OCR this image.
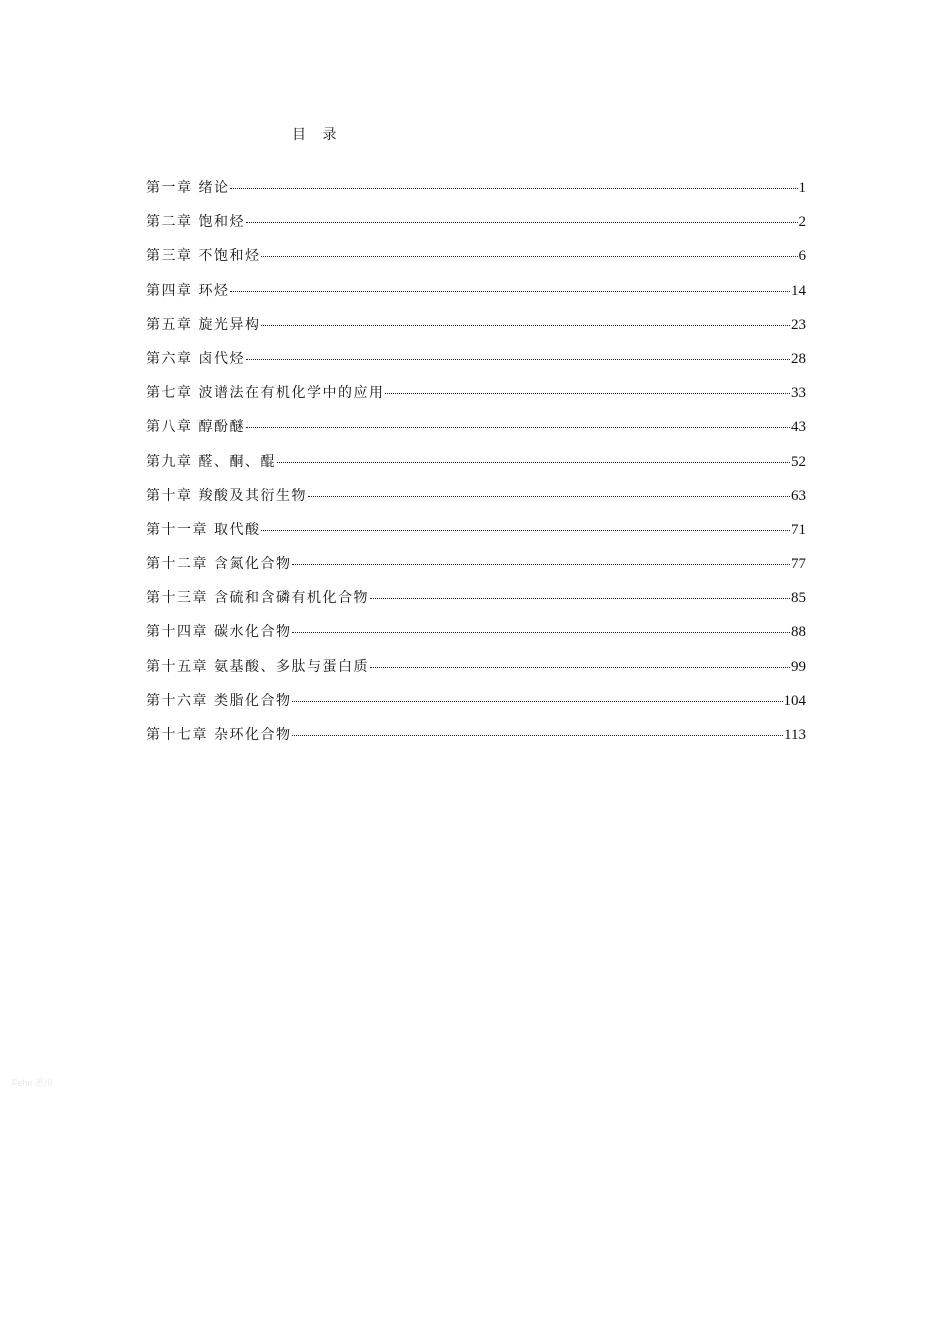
目 录
第一章 绪论	1
第二章 饱和烃	2
第三章 不饱和烃	6
第四章 环烃	14
第五章 旋光异构	23
第六章 卤代烃	28
第七章 波谱法在有机化学中的应用	33
第八章 醇酚醚	43
第九章 醛、酮、醌	52
第十章 羧酸及其衍生物	63
第十一章 取代酸	71
第十二章 含氮化合物	77
第十三章 含硫和含磷有机化合物	85
第十四章 碳水化合物	88
第十五章 氨基酸、多肽与蛋白质	99
第十六章 类脂化合物	104
第十七章 杂环化合物	113
Fehn 悉用
